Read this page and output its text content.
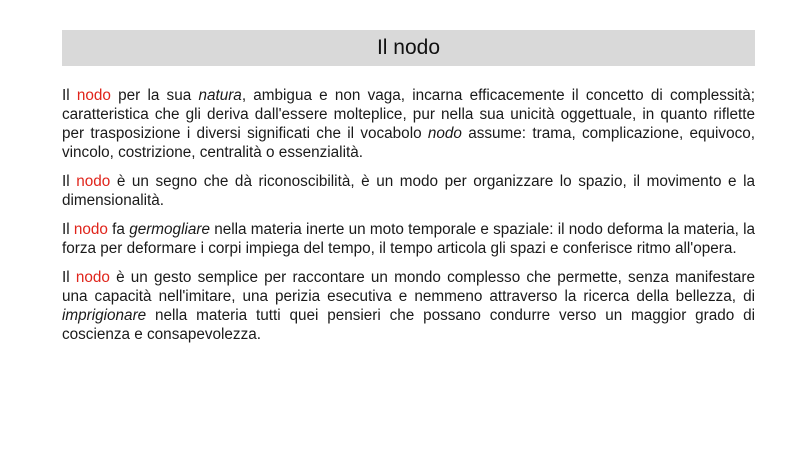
Il nodo

Il nodo per la sua natura, ambigua e non vaga, incarna efficacemente il concetto di complessità; caratteristica che gli deriva dall'essere molteplice, pur nella sua unicità oggettuale, in quanto riflette per trasposizione i diversi significati che il vocabolo nodo assume: trama, complicazione, equivoco, vincolo, costrizione, centralità o essenzialità.

Il nodo è un segno che dà riconoscibilità, è un modo per organizzare lo spazio, il movimento e la dimensionalità.

Il nodo fa germogliare nella materia inerte un moto temporale e spaziale: il nodo deforma la materia, la forza per deformare i corpi impiega del tempo, il tempo articola gli spazi e conferisce ritmo all'opera.

Il nodo è un gesto semplice per raccontare un mondo complesso che permette, senza manifestare una capacità nell'imitare, una perizia esecutiva e nemmeno attraverso la ricerca della bellezza, di imprigionare nella materia tutti quei pensieri che possano condurre verso un maggior grado di coscienza e consapevolezza.
